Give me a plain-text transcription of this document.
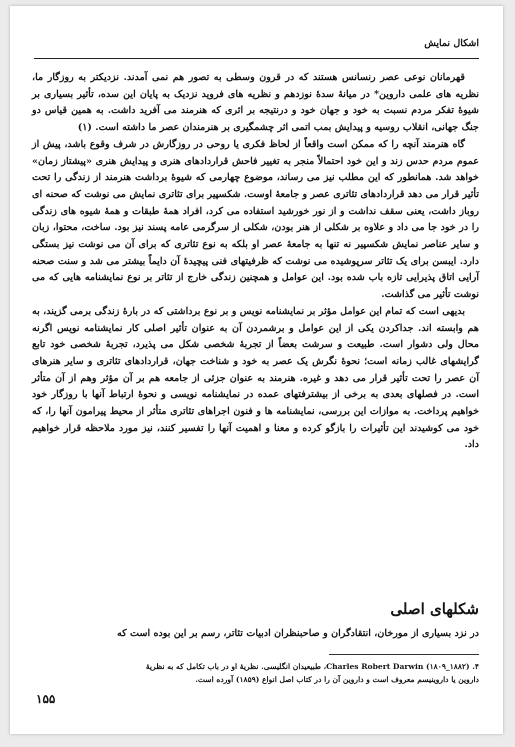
اشکال نمایش

قهرمانان نوعی عصر رنسانس هستند که در قرون وسطی به تصور هم نمی آمدند. نزدیکتر به روزگار ما، نظریه های علمی داروین* در میانهٔ سدهٔ نوزدهم و نظریه های فروید نزدیک به پایان این سده، تأثیر بسیاری بر شیوهٔ تفکر مردم نسبت به خود و جهان خود و درنتیجه بر اثری که هنرمند می آفرید داشت. به همین قیاس دو جنگ جهانی، انقلاب روسیه و پیدایش بمب اتمی اثر چشمگیری بر هنرمندان عصر ما داشته است. (۱)

گاه هنرمند آنچه را که ممکن است واقعاً از لحاظ فکری یا روحی در روزگارش در شرف وقوع باشد، پیش از عموم مردم حدس زند و این خود احتمالاً منجر به تغییر فاحش قراردادهای هنری و پیدایش هنری «پیشتاز زمان» خواهد شد. همانطور که این مطلب نیز می رساند، موضوع چهارمی که شیوهٔ برداشت هنرمند از زندگی را تحت تأثیر قرار می دهد قراردادهای تئاتری عصر و جامعهٔ اوست. شکسپیر برای تئاتری نمایش می نوشت که صحنه ای روباز داشت، یعنی سقف نداشت و از نور خورشید استفاده می کرد، افراد همهٔ طبقات و همهٔ شیوه های زندگی را در خود جا می داد و علاوه بر شکلی از هنر بودن، شکلی از سرگرمی عامه پسند نیز بود. ساخت، محتوا، زبان و سایر عناصر نمایش شکسپیر نه تنها به جامعهٔ عصر او بلکه به نوع تئاتری که برای آن می نوشت نیز بستگی دارد. ایبسن برای یک تئاتر سرپوشیده می نوشت که ظرفیتهای فنی پیچیدهٔ آن دایماً بیشتر می شد و سنت صحنه آرایی اتاق پذیرایی تازه باب شده بود. این عوامل و همچنین زندگی خارج از تئاتر بر نوع نمایشنامه هایی که می نوشت تأثیر می گذاشت.

بدیهی است که تمام این عوامل مؤثر بر نمایشنامه نویس و بر نوع برداشتی که در بارهٔ زندگی برمی گزیند، به هم وابسته اند. جداکردن یکی از این عوامل و برشمردن آن به عنوان تأثیر اصلی کار نمایشنامه نویس اگرنه محال ولی دشوار است. طبیعت و سرشت بعضاً از تجربهٔ شخصی شکل می پذیرد، تجربهٔ شخصی خود تابع گرایشهای غالب زمانه است؛ نحوهٔ نگرش یک عصر به خود و شناخت جهان، قراردادهای تئاتری و سایر هنرهای آن عصر را تحت تأثیر قرار می دهد و غیره. هنرمند به عنوان جزئی از جامعه هم بر آن مؤثر وهم از آن متأثر است. در فصلهای بعدی به برخی از بیشترفتهای عمده در نمایشنامه نویسی و نحوهٔ ارتباط آنها با روزگار خود خواهیم پرداخت. به موازات این بررسی، نمایشنامه ها و فنون اجراهای تئاتری متأثر از محیط پیرامون آنها را، که خود می کوشیدند این تأثیرات را بازگو کرده و معنا و اهمیت آنها را تفسیر کنند، نیز مورد ملاحظه قرار خواهیم داد.

شکلهای اصلی
در نزد بسیاری از مورخان، انتقادگران و صاحبنظران ادبیات تئاتر، رسم بر این بوده است که

۴. Charles Robert Darwin (۱۸۰۹_۱۸۸۲)، طبیعیدان انگلیسی. نظریهٔ او در باب تکامل که به نظریهٔ

داروین یا داروینیسم معروف است و داروین آن را در کتاب اصل انواع (۱۸۵۹) آورده است.

۱۵۵
